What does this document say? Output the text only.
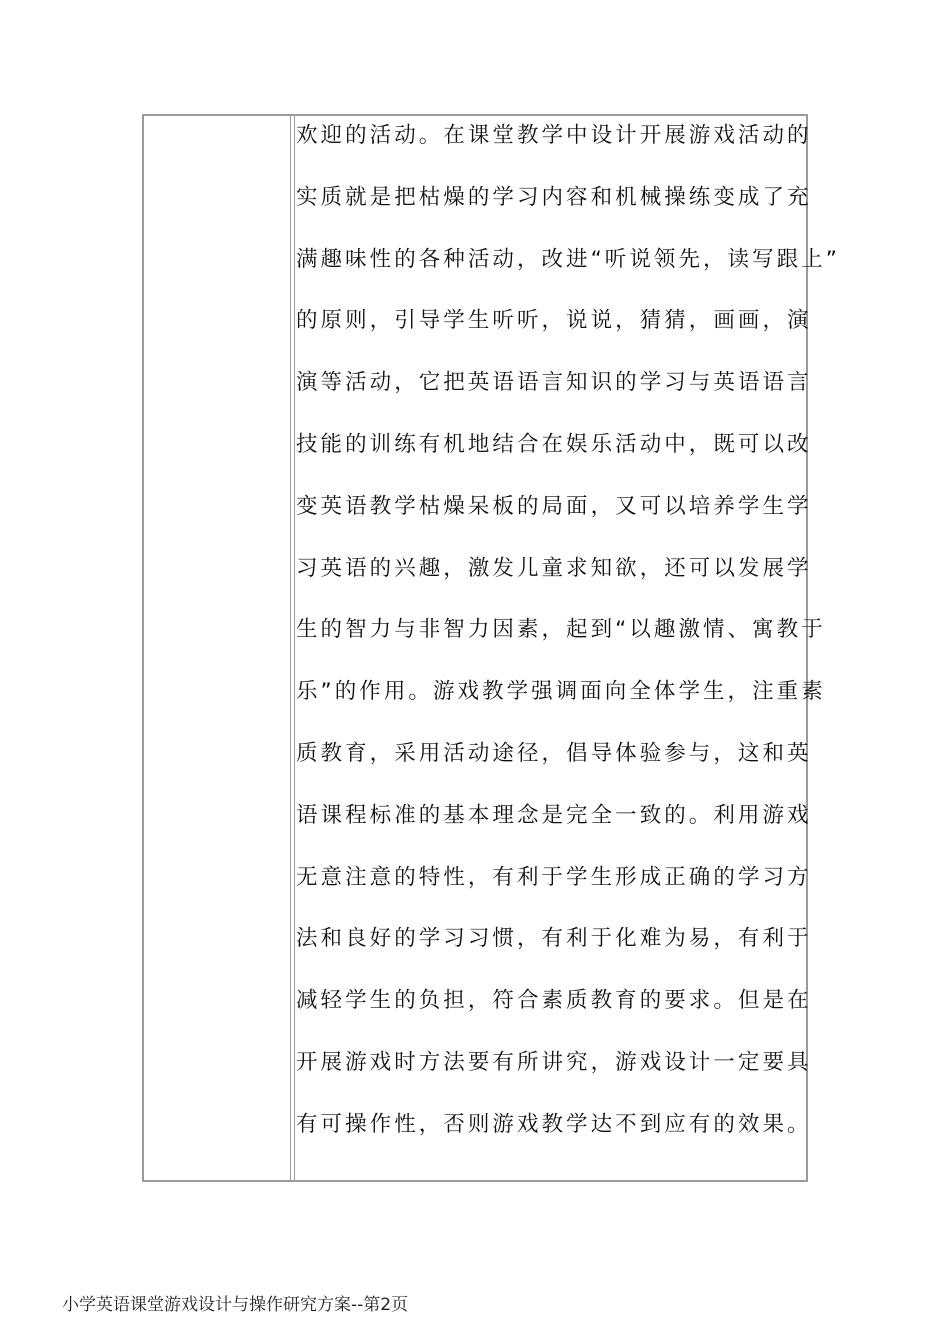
欢迎的活动。在课堂教学中设计开展游戏活动的
实质就是把枯燥的学习内容和机械操练变成了充
满趣味性的各种活动，改进“听说领先，读写跟上”
的原则，引导学生听听，说说，猜猜，画画，演
演等活动，它把英语语言知识的学习与英语语言
技能的训练有机地结合在娱乐活动中，既可以改
变英语教学枯燥呆板的局面，又可以培养学生学
习英语的兴趣，激发儿童求知欲，还可以发展学
生的智力与非智力因素，起到“以趣激情、寓教于
乐”的作用。游戏教学强调面向全体学生，注重素
质教育，采用活动途径，倡导体验参与，这和英
语课程标准的基本理念是完全一致的。利用游戏
无意注意的特性，有利于学生形成正确的学习方
法和良好的学习习惯，有利于化难为易，有利于
减轻学生的负担，符合素质教育的要求。但是在
开展游戏时方法要有所讲究，游戏设计一定要具
有可操作性，否则游戏教学达不到应有的效果。
小学英语课堂游戏设计与操作研究方案--第2页
